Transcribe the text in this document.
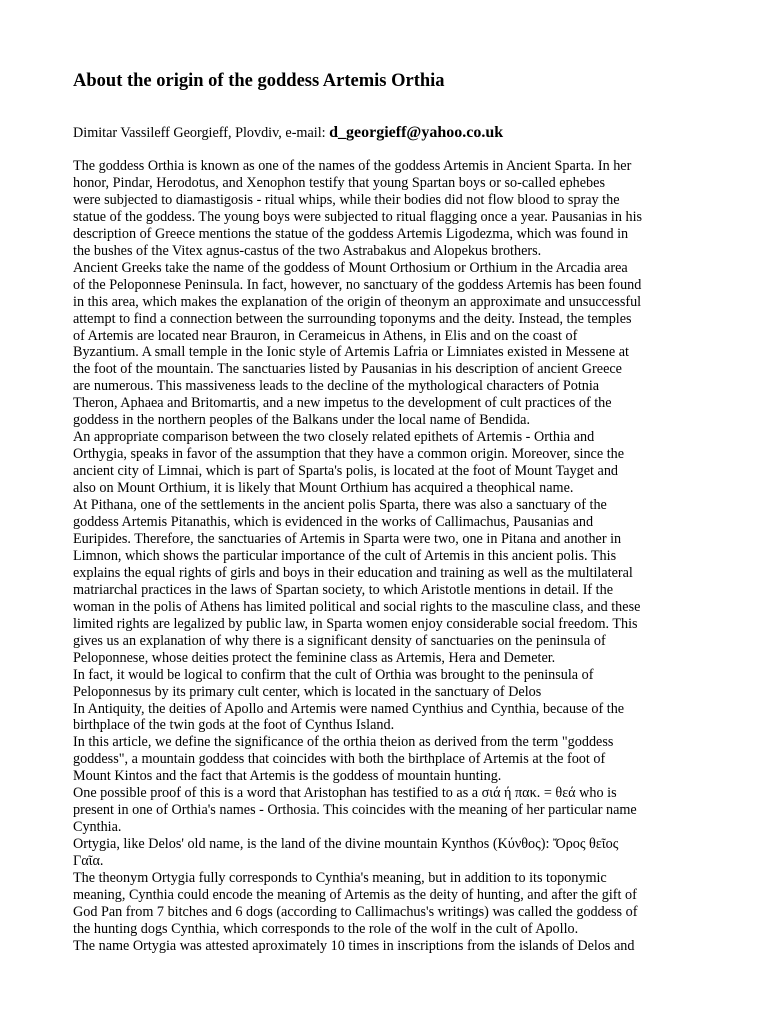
About the origin of the goddess Artemis Orthia
Dimitar Vassileff Georgieff, Plovdiv, e-mail: d_georgieff@yahoo.co.uk
The goddess Orthia is known as one of the names of the goddess Artemis in Ancient Sparta. In her
honor, Pindar, Herodotus, and Xenophon testify that young Spartan boys or so-called ephebes
were subjected to diamastigosis - ritual whips, while their bodies did not flow blood to spray the
statue of the goddess. The young boys were subjected to ritual flagging once a year. Pausanias in his
description of Greece mentions the statue of the goddess Artemis Ligodezma, which was found in
the bushes of the Vitex agnus-castus of the two Astrabakus and Alopekus brothers.
Ancient Greeks take the name of the goddess of Mount Orthosium or Orthium in the Arcadia area
of the Peloponnese Peninsula. In fact, however, no sanctuary of the goddess Artemis has been found
in this area, which makes the explanation of the origin of theonym an approximate and unsuccessful
attempt to find a connection between the surrounding toponyms and the deity. Instead, the temples
of Artemis are located near Brauron, in Cerameicus in Athens, in Elis and on the coast of
Byzantium. A small temple in the Ionic style of Artemis Lafria or Limniates existed in Messene at
the foot of the mountain. The sanctuaries listed by Pausanias in his description of ancient Greece
are numerous. This massiveness leads to the decline of the mythological characters of Potnia
Theron, Aphaea and Britomartis, and a new impetus to the development of cult practices of the
goddess in the northern peoples of the Balkans under the local name of Bendida.
An appropriate comparison between the two closely related epithets of Artemis - Orthia and
Orthygia, speaks in favor of the assumption that they have a common origin. Moreover, since the
ancient city of Limnai, which is part of Sparta's polis, is located at the foot of Mount Tayget and
also on Mount Orthium, it is likely that Mount Orthium has acquired a theophical name.
At Pithana, one of the settlements in the ancient polis Sparta, there was also a sanctuary of the
goddess Artemis Pitanathis, which is evidenced in the works of Callimachus, Pausanias and
Euripides. Therefore, the sanctuaries of Artemis in Sparta were two, one in Pitana and another in
Limnon, which shows the particular importance of the cult of Artemis in this ancient polis. This
explains the equal rights of girls and boys in their education and training as well as the multilateral
matriarchal practices in the laws of Spartan society, to which Aristotle mentions in detail. If the
woman in the polis of Athens has limited political and social rights to the masculine class, and these
limited rights are legalized by public law, in Sparta women enjoy considerable social freedom. This
gives us an explanation of why there is a significant density of sanctuaries on the peninsula of
Peloponnese, whose deities protect the feminine class as Artemis, Hera and Demeter.
In fact, it would be logical to confirm that the cult of Orthia was brought to the peninsula of
Peloponnesus by its primary cult center, which is located in the sanctuary of Delos
In Antiquity, the deities of Apollo and Artemis were named Cynthius and Cynthia, because of the
birthplace of the twin gods at the foot of Cynthus Island.
In this article, we define the significance of the orthia theion as derived from the term "goddess
goddess", a mountain goddess that coincides with both the birthplace of Artemis at the foot of
Mount Kintos and the fact that Artemis is the goddess of mountain hunting.
One possible proof of this is a word that Aristophan has testified to as a σιά ή πακ. = θεά who is
present in one of Orthia's names - Orthosia. This coincides with the meaning of her particular name
Cynthia.
Ortygia, like Delos' old name, is the land of the divine mountain Kynthos (Κύνθος): Ὄρος θεῖος
Γαῖα.
The theonym Ortygia fully corresponds to Cynthia's meaning, but in addition to its toponymic
meaning, Cynthia could encode the meaning of Artemis as the deity of hunting, and after the gift of
God Pan from 7 bitches and 6 dogs (according to Callimachus's writings) was called the goddess of
the hunting dogs Cynthia, which corresponds to the role of the wolf in the cult of Apollo.
The name Ortygia was attested aproximately 10 times in inscriptions from the islands of Delos and
